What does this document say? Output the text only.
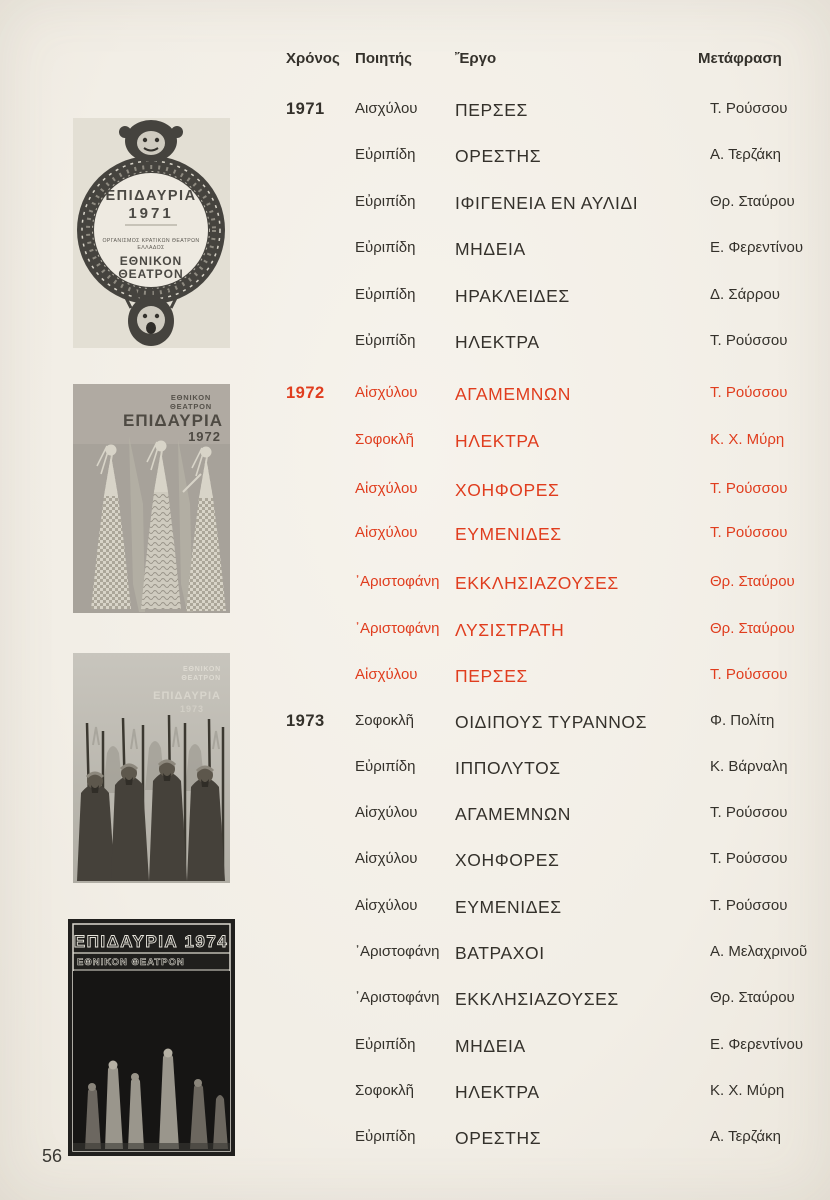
Χρόνος Ποιητής	Ἔργο	Μετάφραση
1971 Αισχύλου ΠΕΡΣΕΣ	Τ. Ρούσσου
Εὐριπίδη ΟΡΕΣΤΗΣ	Α. Τερζάκη
Εὐριπίδη ΙΦΙΓΕΝΕΙΑ ΕΝ ΑΥΛΙΔΙ	Θρ. Σταύρου
Εὐριπίδη ΜΗΔΕΙΑ	Ε. Φερεντίνου
Εὐριπίδη ΗΡΑΚΛΕΙΔΕΣ	Δ. Σάρρου
Εὐριπίδη ΗΛΕΚΤΡΑ	Τ. Ρούσσου
1972 Αἰσχύλου ΑΓΑΜΕΜΝΩΝ	Τ. Ρούσσου
Σοφοκλῆ ΗΛΕΚΤΡΑ	Κ. Χ. Μύρη
Αἰσχύλου ΧΟΗΦΟΡΕΣ	Τ. Ρούσσου
Αἰσχύλου ΕΥΜΕΝΙΔΕΣ	Τ. Ρούσσου
᾿Αριστοφάνη ΕΚΚΛΗΣΙΑΖΟΥΣΕΣ	Θρ. Σταύρου
᾿Αριστοφάνη ΛΥΣΙΣΤΡΑΤΗ	Θρ. Σταύρου
Αἰσχύλου ΠΕΡΣΕΣ	Τ. Ρούσσου
1973 Σοφοκλῆ ΟΙΔΙΠΟΥΣ ΤΥΡΑΝΝΟΣ	Φ. Πολίτη
Εὐριπίδη ΙΠΠΟΛΥΤΟΣ	Κ. Βάρναλη
Αἰσχύλου ΑΓΑΜΕΜΝΩΝ	Τ. Ρούσσου
Αἰσχύλου ΧΟΗΦΟΡΕΣ	Τ. Ρούσσου
Αἰσχύλου ΕΥΜΕΝΙΔΕΣ	Τ. Ρούσσου
᾿Αριστοφάνη ΒΑΤΡΑΧΟΙ	Α. Μελαχρινοῦ
᾿Αριστοφάνη ΕΚΚΛΗΣΙΑΖΟΥΣΕΣ	Θρ. Σταύρου
Εὐριπίδη ΜΗΔΕΙΑ	Ε. Φερεντίνου
Σοφοκλῆ ΗΛΕΚΤΡΑ	Κ. Χ. Μύρη
Εὐριπίδη ΟΡΕΣΤΗΣ	Α. Τερζάκη
ΕΠΙΔΑΥΡΙΑ
1971
ΟΡΓΑΝΙΣΜΟΣ ΚΡΑΤΙΚΩΝ ΘΕΑΤΡΩΝ
ΕΛΛΑΔΟΣ
ΕΘΝΙΚΟΝ
ΘΕΑΤΡΟΝ
ΕΘΝΙΚΟΝ
ΘΕΑΤΡΟΝ
ΕΠΙΔΑΥΡΙΑ
1972
ΕΘΝΙΚΟΝ
ΘΕΑΤΡΟΝ
ΕΠΙΔΑΥΡΙΑ
1973
ΕΠΙΔΑΥΡΙΑ 1974
ΕΘΝΙΚΟΝ ΘΕΑΤΡΟΝ
56
